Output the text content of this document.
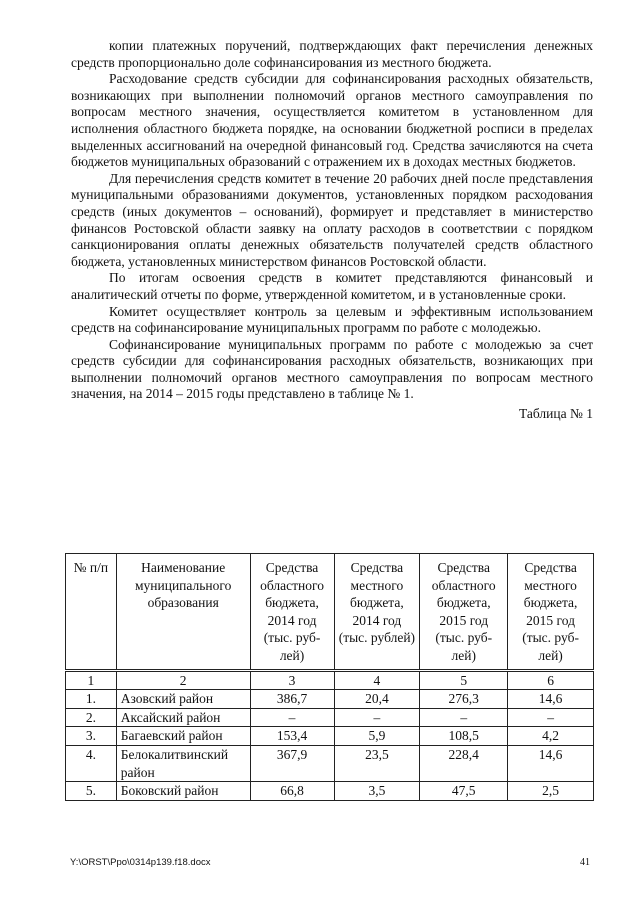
копии платежных поручений, подтверждающих факт перечисления денежных средств пропорционально доле софинансирования из местного бюджета.

Расходование средств субсидии для софинансирования расходных обязательств, возникающих при выполнении полномочий органов местного самоуправления по вопросам местного значения, осуществляется комитетом в установленном для исполнения областного бюджета порядке, на основании бюджетной росписи в пределах выделенных ассигнований на очередной финансовый год. Средства зачисляются на счета бюджетов муниципальных образований с отражением их в доходах местных бюджетов.

Для перечисления средств комитет в течение 20 рабочих дней после представления муниципальными образованиями документов, установленных порядком расходования средств (иных документов – оснований), формирует и представляет в министерство финансов Ростовской области заявку на оплату расходов в соответствии с порядком санкционирования оплаты денежных обязательств получателей средств областного бюджета, установленных министерством финансов Ростовской области.

По итогам освоения средств в комитет представляются финансовый и аналитический отчеты по форме, утвержденной комитетом, и в установленные сроки.

Комитет осуществляет контроль за целевым и эффективным использованием средств на софинансирование муниципальных программ по работе с молодежью.

Софинансирование муниципальных программ по работе с молодежью за счет средств субсидии для софинансирования расходных обязательств, возникающих при выполнении полномочий органов местного самоуправления по вопросам местного значения, на 2014 – 2015 годы представлено в таблице № 1.

Таблица № 1

№ п/п	Наименование муниципального образования	Средства областного бюджета, 2014 год (тыс. руб-лей)	Средства местного бюджета, 2014 год (тыс. рублей)	Средства областного бюджета, 2015 год (тыс. руб-лей)	Средства местного бюджета, 2015 год (тыс. руб-лей)
1	2	3	4	5	6
1.	Азовский район	386,7	20,4	276,3	14,6
2.	Аксайский район	–	–	–	–
3.	Багаевский район	153,4	5,9	108,5	4,2
4.	Белокалитвинский район	367,9	23,5	228,4	14,6
5.	Боковский район	66,8	3,5	47,5	2,5
Y:\ORST\Ppo\0314p139.f18.docx	41
